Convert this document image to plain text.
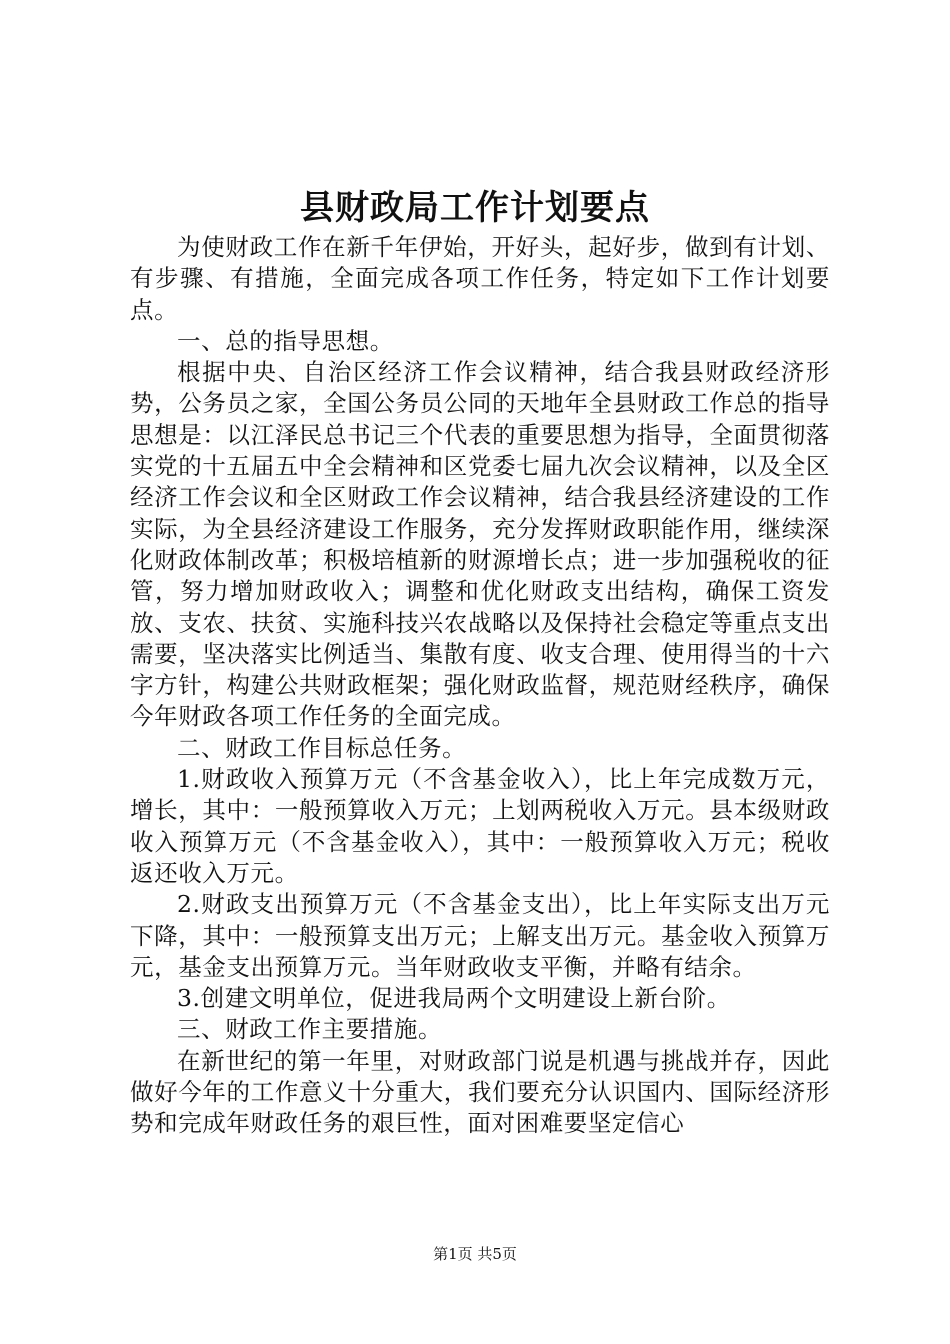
县财政局工作计划要点

为使财政工作在新千年伊始，开好头，起好步，做到有计划、有步骤、有措施，全面完成各项工作任务，特定如下工作计划要点。

一、总的指导思想。

根据中央、自治区经济工作会议精神，结合我县财政经济形势，公务员之家，全国公务员公同的天地年全县财政工作总的指导思想是：以江泽民总书记三个代表的重要思想为指导，全面贯彻落实党的十五届五中全会精神和区党委七届九次会议精神，以及全区经济工作会议和全区财政工作会议精神，结合我县经济建设的工作实际，为全县经济建设工作服务，充分发挥财政职能作用，继续深化财政体制改革；积极培植新的财源增长点；进一步加强税收的征管，努力增加财政收入；调整和优化财政支出结构，确保工资发放、支农、扶贫、实施科技兴农战略以及保持社会稳定等重点支出需要，坚决落实比例适当、集散有度、收支合理、使用得当的十六字方针，构建公共财政框架；强化财政监督，规范财经秩序，确保今年财政各项工作任务的全面完成。

二、财政工作目标总任务。

1.财政收入预算万元（不含基金收入），比上年完成数万元，增长，其中：一般预算收入万元；上划两税收入万元。县本级财政收入预算万元（不含基金收入），其中：一般预算收入万元；税收返还收入万元。

2.财政支出预算万元（不含基金支出），比上年实际支出万元下降，其中：一般预算支出万元；上解支出万元。基金收入预算万元，基金支出预算万元。当年财政收支平衡，并略有结余。

3.创建文明单位，促进我局两个文明建设上新台阶。

三、财政工作主要措施。

在新世纪的第一年里，对财政部门说是机遇与挑战并存，因此做好今年的工作意义十分重大，我们要充分认识国内、国际经济形势和完成年财政任务的艰巨性，面对困难要坚定信心

第1页 共5页
